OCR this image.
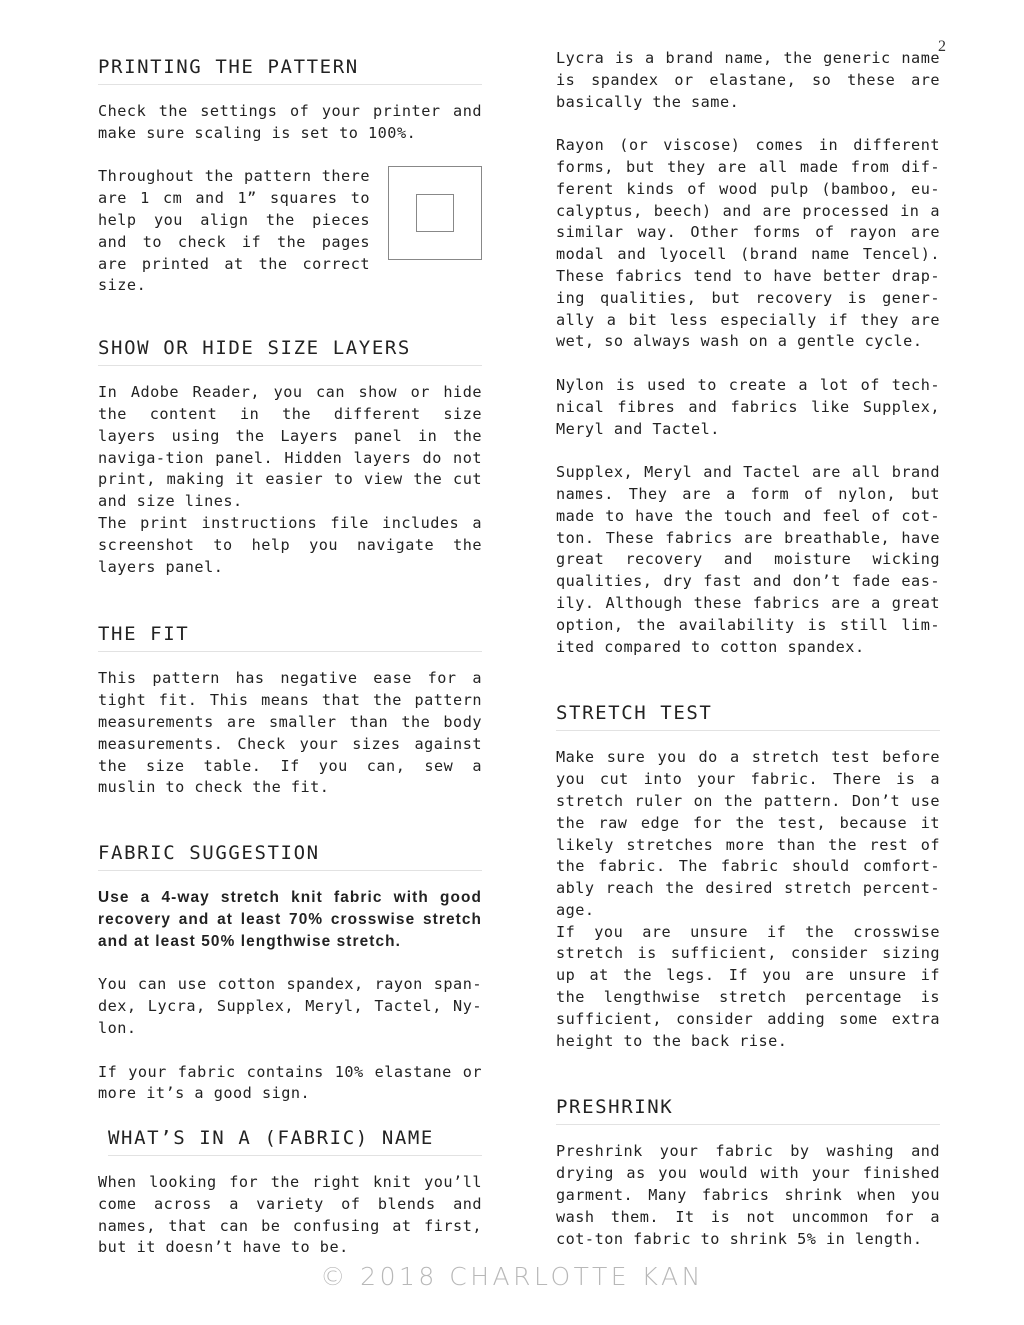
2
PRINTING THE PATTERN

Check the settings of your printer and make sure scaling is set to 100%.

Throughout the pattern there are 1 cm and 1” squares to help you align the pieces and to check if the pages are printed at the correct size.

SHOW OR HIDE SIZE LAYERS

In Adobe Reader, you can show or hide the content in the different size layers using the Layers panel in the naviga-tion panel. Hidden layers do not print, making it easier to view the cut and size lines.

The print instructions file includes a screenshot to help you navigate the layers panel.

THE FIT

This pattern has negative ease for a tight fit. This means that the pattern measurements are smaller than the body measurements. Check your sizes against the size table. If you can, sew a muslin to check the fit.

FABRIC SUGGESTION

Use a 4-way stretch knit fabric with good recovery and at least 70% crosswise stretch and at least 50% lengthwise stretch.

You can use cotton spandex, rayon span-dex, Lycra, Supplex, Meryl, Tactel, Ny-lon.

If your fabric contains 10% elastane or more it’s a good sign.

WHAT’S IN A (FABRIC) NAME

When looking for the right knit you’ll come across a variety of blends and names, that can be confusing at first, but it doesn’t have to be.

Lycra is a brand name, the generic name is spandex or elastane, so these are basically the same.

Rayon (or viscose) comes in different forms, but they are all made from dif-ferent kinds of wood pulp (bamboo, eu-calyptus, beech) and are processed in a similar way. Other forms of rayon are modal and lyocell (brand name Tencel). These fabrics tend to have better drap-ing qualities, but recovery is gener-ally a bit less especially if they are wet, so always wash on a gentle cycle.

Nylon is used to create a lot of tech-nical fibres and fabrics like Supplex, Meryl and Tactel.

Supplex, Meryl and Tactel are all brand names. They are a form of nylon, but made to have the touch and feel of cot-ton. These fabrics are breathable, have great recovery and moisture wicking qualities, dry fast and don’t fade eas-ily. Although these fabrics are a great option, the availability is still lim-ited compared to cotton spandex.

STRETCH TEST

Make sure you do a stretch test before you cut into your fabric. There is a stretch ruler on the pattern. Don’t use the raw edge for the test, because it likely stretches more than the rest of the fabric. The fabric should comfort-ably reach the desired stretch percent-age.

If you are unsure if the crosswise stretch is sufficient, consider sizing up at the legs. If you are unsure if the lengthwise stretch percentage is sufficient, consider adding some extra height to the back rise.

PRESHRINK

Preshrink your fabric by washing and drying as you would with your finished garment. Many fabrics shrink when you wash them. It is not uncommon for a cot-ton fabric to shrink 5% in length.

© 2018 CHARLOTTE KAN
